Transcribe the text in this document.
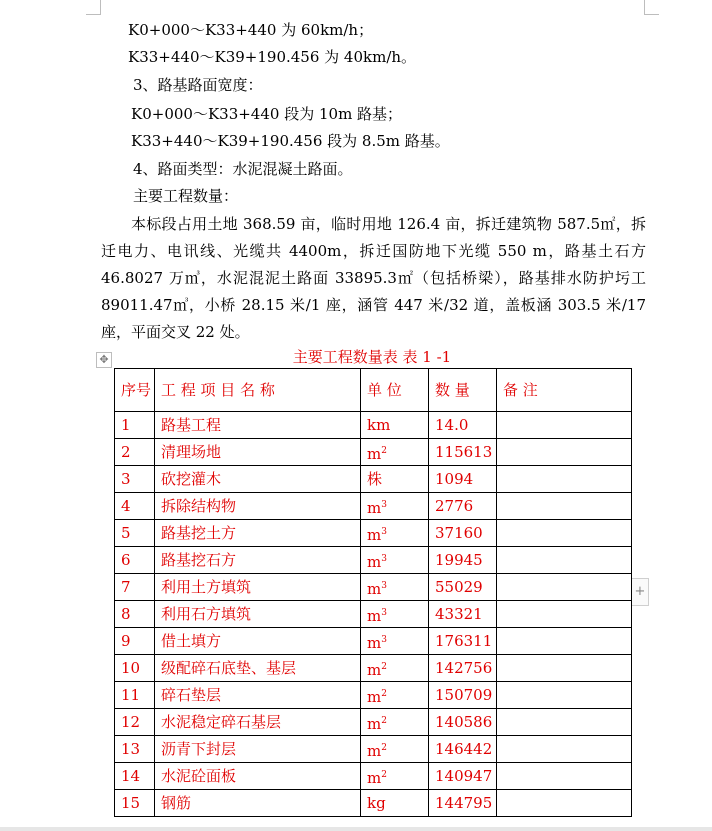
K0+000～K33+440 为 60km/h；
K33+440～K39+190.456 为 40km/h。
3、路基路面宽度：
K0+000～K33+440 段为 10m 路基；
K33+440～K39+190.456 段为 8.5m 路基。
4、路面类型：水泥混凝土路面。
主要工程数量：
本标段占用土地 368.59 亩，临时用地 126.4 亩，拆迁建筑物 587.5㎡，拆迁电力、电讯线、光缆共 4400m，拆迁国防地下光缆 550 m，路基土石方 46.8027 万㎥，水泥混泥土路面 33895.3㎡（包括桥梁），路基排水防护圬工 89011.47㎥，小桥 28.15 米/1 座，涵管 447 米/32 道，盖板涵 303.5 米/17 座，平面交叉 22 处。
✥
+
主要工程数量表 表 1 -1
序号	工 程 项 目 名 称	单 位	数 量	备 注
1	路基工程	km	14.0	
2	清理场地	$m^2$	115613	
3	砍挖灌木	株	1094	
4	拆除结构物	$m^3$	2776	
5	路基挖土方	$m^3$	37160	
6	路基挖石方	$m^3$	19945	
7	利用土方填筑	$m^3$	55029	
8	利用石方填筑	$m^3$	43321	
9	借土填方	$m^3$	176311	
10	级配碎石底垫、基层	$m^2$	142756	
11	碎石垫层	$m^2$	150709	
12	水泥稳定碎石基层	$m^2$	140586	
13	沥青下封层	$m^2$	146442	
14	水泥砼面板	$m^2$	140947	
15	钢筋	kg	144795	
